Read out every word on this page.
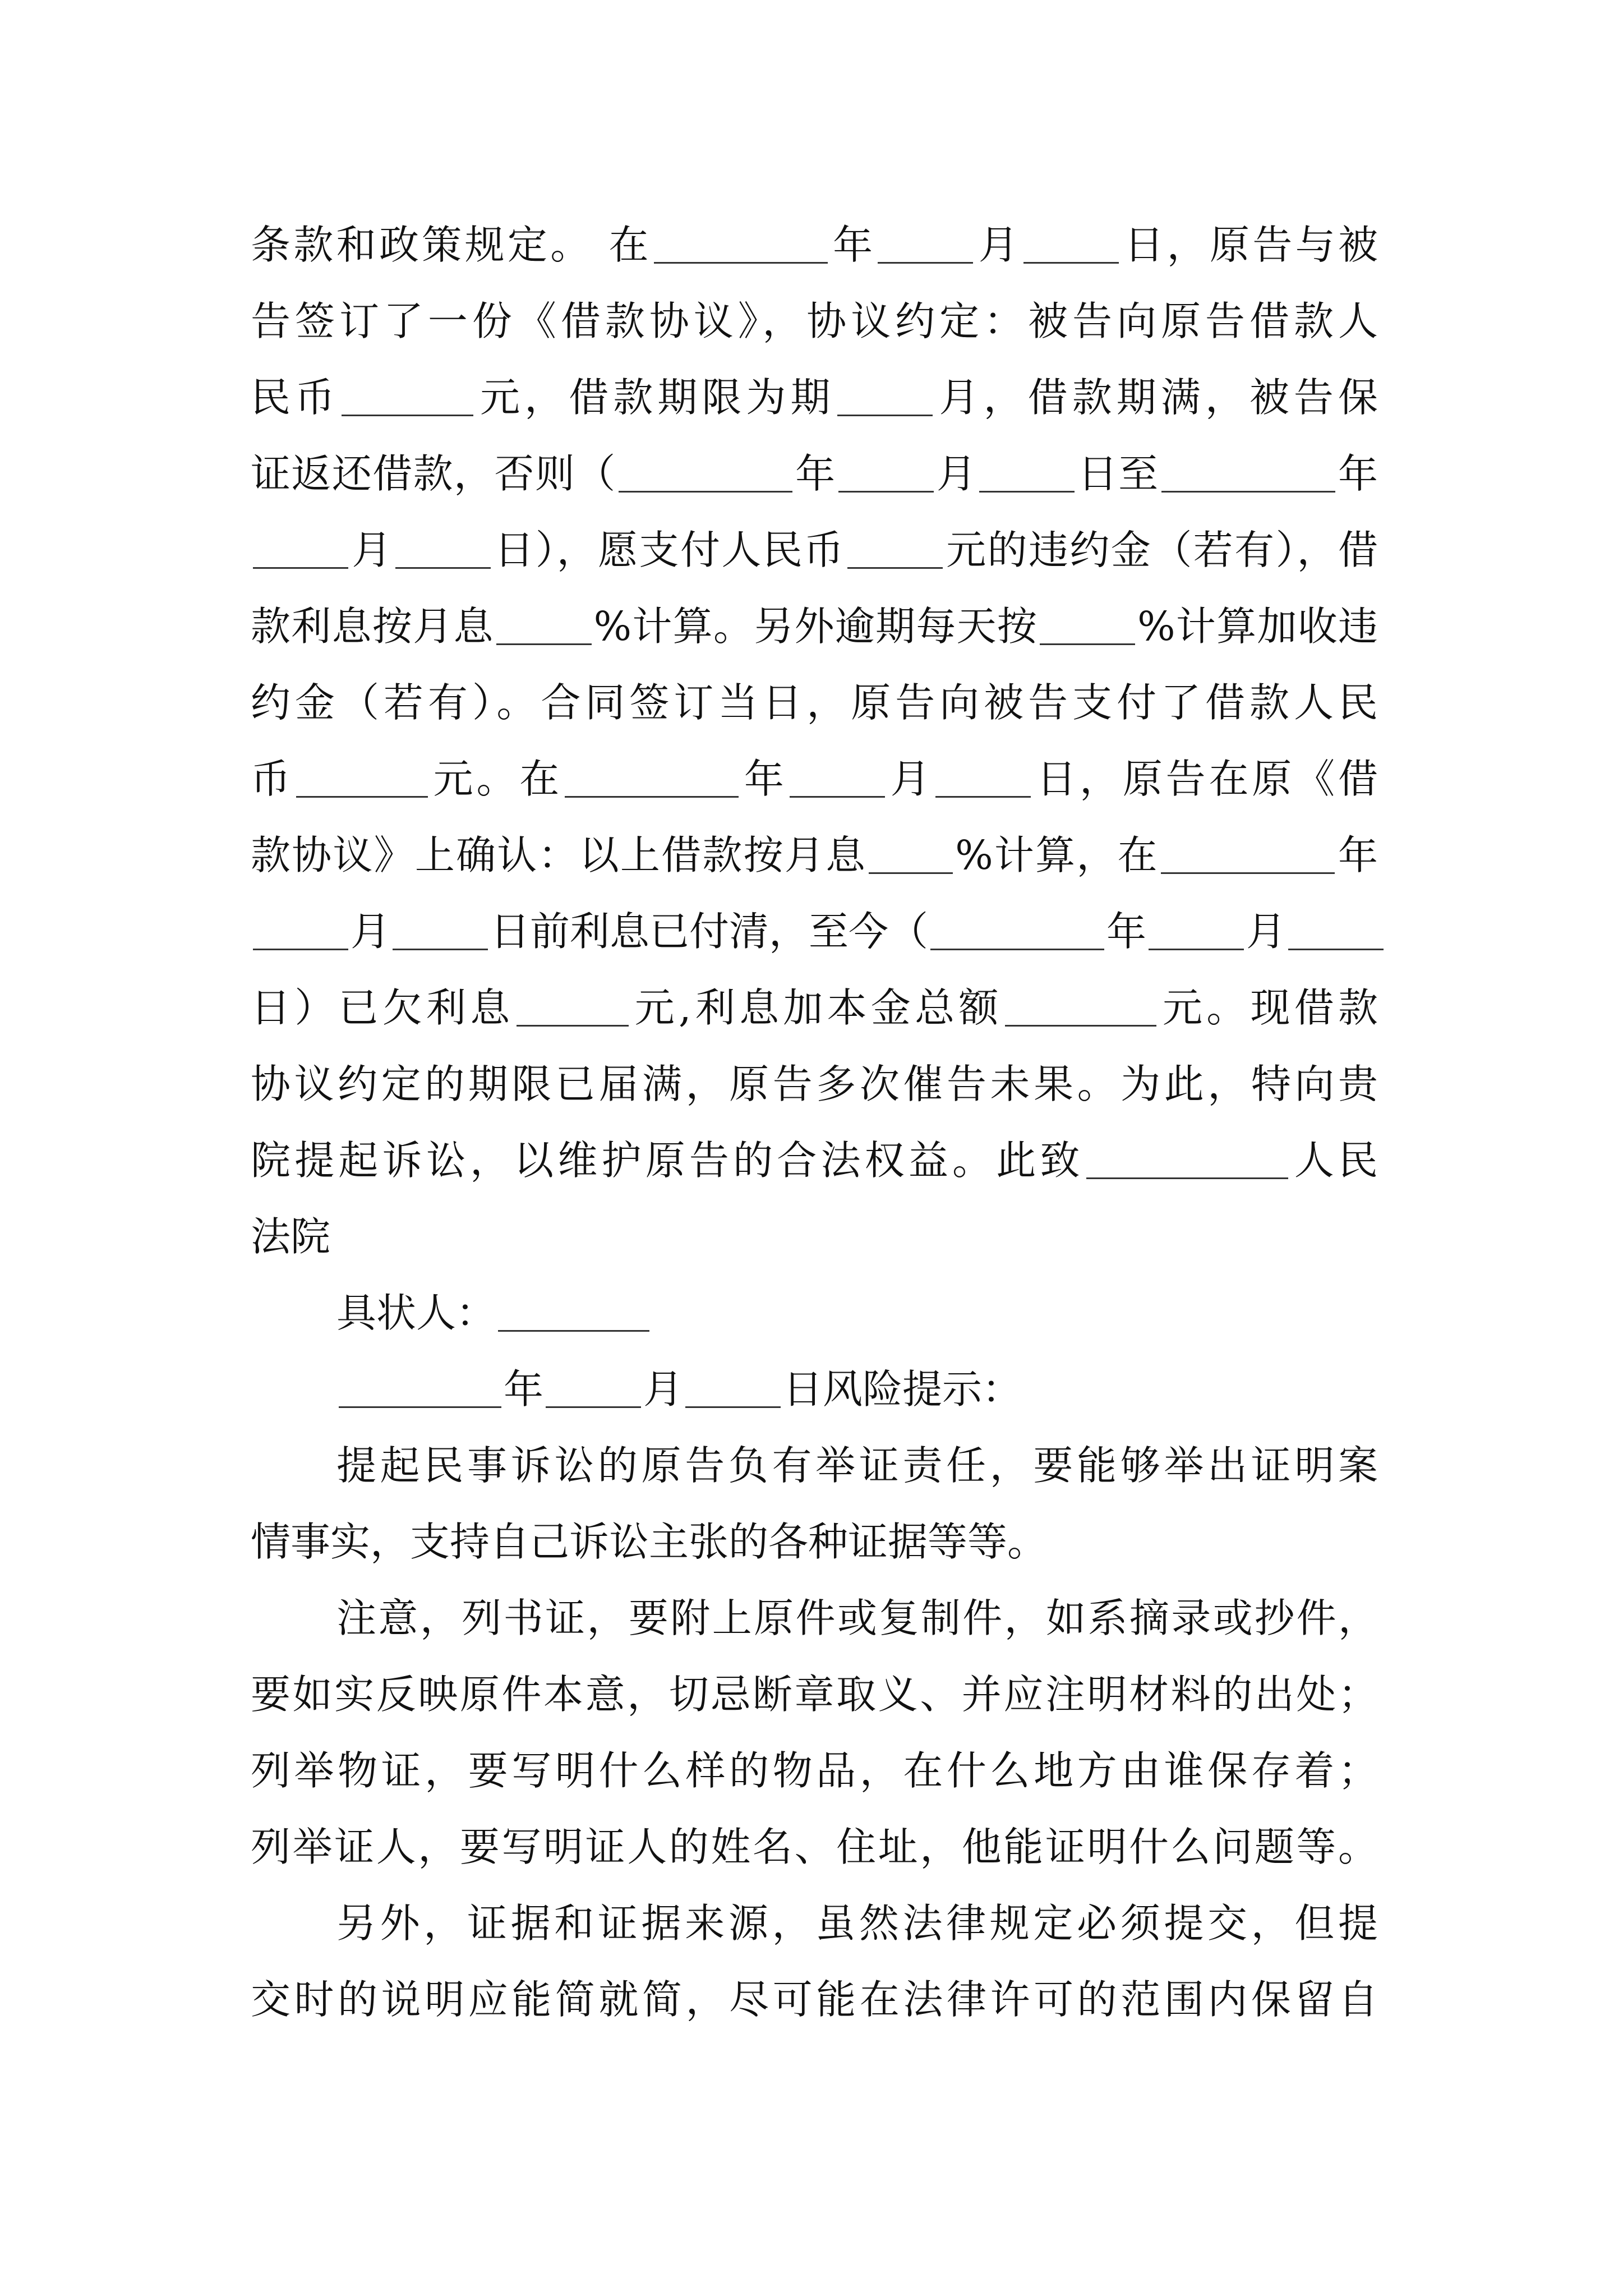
条款和政策规定。 在	年	月	日，原告与被
告签订了一份《借款协议》，协议约定：被告向原告借款人
民币	元，借款期限为期	月，借款期满，被告保
证返还借款，否则（	年	月	日至	年
月	日），愿支付人民币	元的违约金（若有），借
款利息按月息	%计算。另外逾期每天按	%计算加收违
约金（若有）。合同签订当日，原告向被告支付了借款人民
币	元。在	年	月	日，原告在原《借
款协议》上确认：以上借款按月息 %计算，在	年
月	日前利息已付清，至今（	年	月
日）已欠利息	元,利息加本金总额	元。现借款
协议约定的期限已届满，原告多次催告未果。为此，特向贵
院提起诉讼，以维护原告的合法权益。此致	人民
法院
具状人：
年	月	日风险提示：
提起民事诉讼的原告负有举证责任，要能够举出证明案
情事实，支持自己诉讼主张的各种证据等等。
注意，列书证，要附上原件或复制件，如系摘录或抄件，
要如实反映原件本意，切忌断章取义、并应注明材料的出处；
列举物证，要写明什么样的物品，在什么地方由谁保存着；
列举证人，要写明证人的姓名、住址，他能证明什么问题等。
另外，证据和证据来源，虽然法律规定必须提交，但提
交时的说明应能简就简，尽可能在法律许可的范围内保留自
